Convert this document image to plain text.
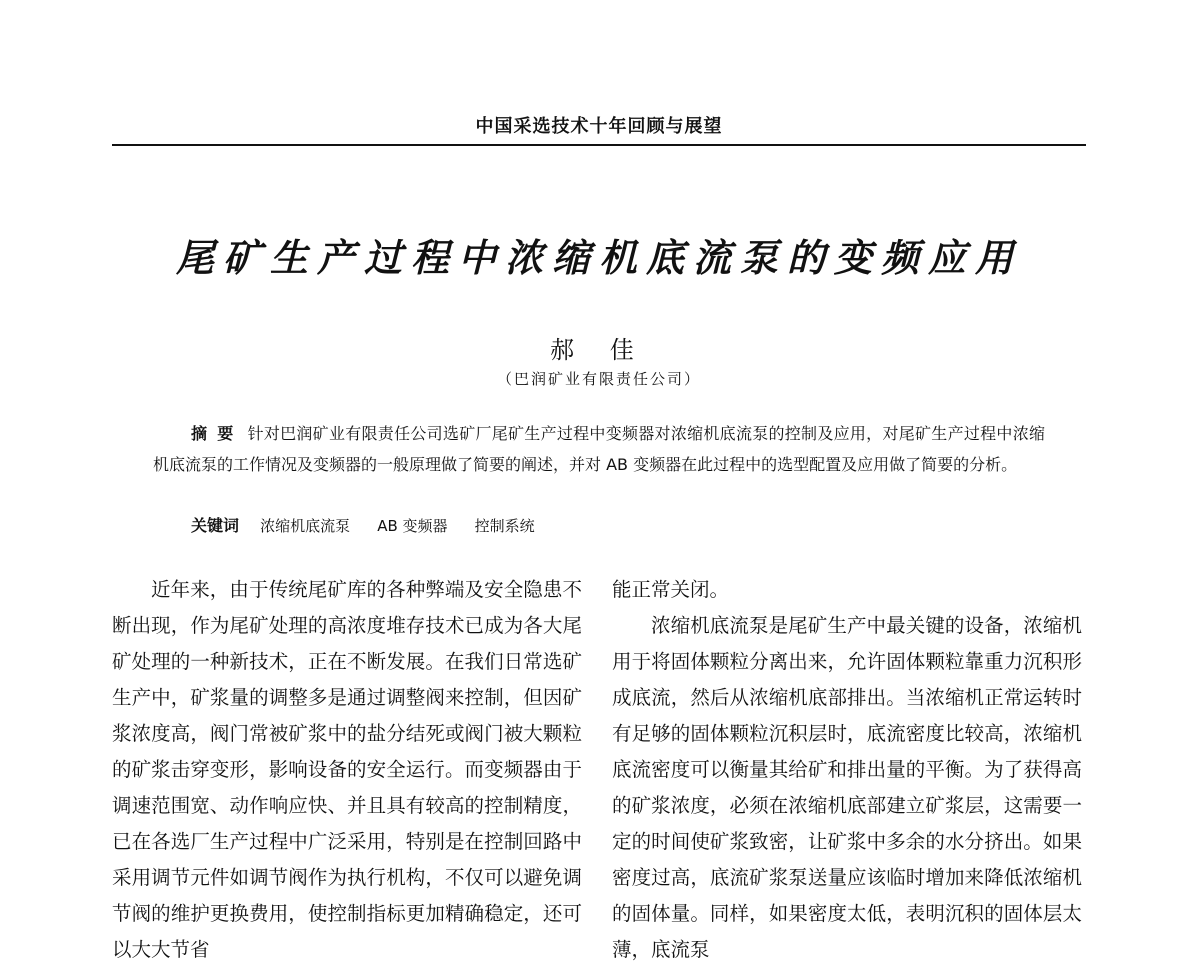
中国采选技术十年回顾与展望
尾矿生产过程中浓缩机底流泵的变频应用
郝 佳
（巴润矿业有限责任公司）
摘要 针对巴润矿业有限责任公司选矿厂尾矿生产过程中变频器对浓缩机底流泵的控制及应用，对尾矿生产过程中浓缩机底流泵的工作情况及变频器的一般原理做了简要的阐述，并对 AB 变频器在此过程中的选型配置及应用做了简要的分析。
关键词 浓缩机底流泵 AB 变频器 控制系统

近年来，由于传统尾矿库的各种弊端及安全隐患不断出现，作为尾矿处理的高浓度堆存技术已成为各大尾矿处理的一种新技术，正在不断发展。在我们日常选矿生产中，矿浆量的调整多是通过调整阀来控制，但因矿浆浓度高，阀门常被矿浆中的盐分结死或阀门被大颗粒的矿浆击穿变形，影响设备的安全运行。而变频器由于调速范围宽、动作响应快、并且具有较高的控制精度，已在各选厂生产过程中广泛采用，特别是在控制回路中采用调节元件如调节阀作为执行机构，不仅可以避免调节阀的维护更换费用，使控制指标更加精确稳定，还可以大大节省

能正常关闭。

浓缩机底流泵是尾矿生产中最关键的设备，浓缩机用于将固体颗粒分离出来，允许固体颗粒靠重力沉积形成底流，然后从浓缩机底部排出。当浓缩机正常运转时有足够的固体颗粒沉积层时，底流密度比较高，浓缩机底流密度可以衡量其给矿和排出量的平衡。为了获得高的矿浆浓度，必须在浓缩机底部建立矿浆层，这需要一定的时间使矿浆致密，让矿浆中多余的水分挤出。如果密度过高，底流矿浆泵送量应该临时增加来降低浓缩机的固体量。同样，如果密度太低，表明沉积的固体层太薄，底流泵
